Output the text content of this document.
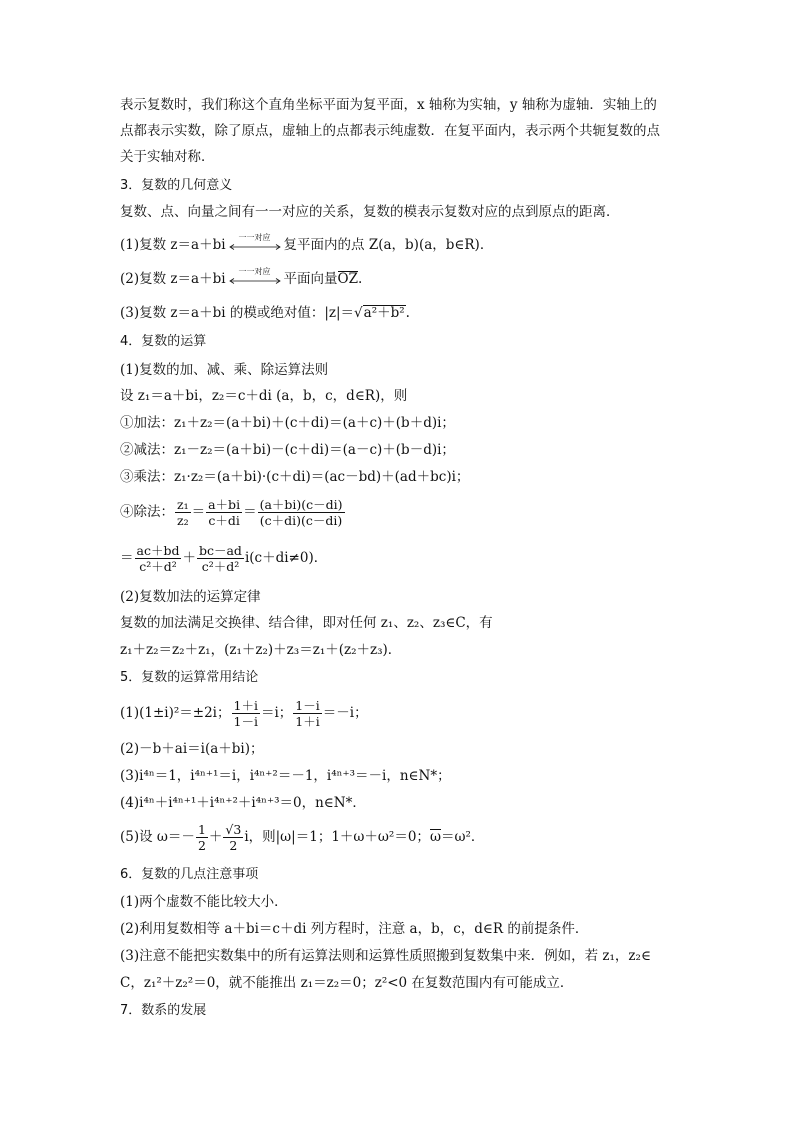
表示复数时，我们称这个直角坐标平面为复平面，x 轴称为实轴，y 轴称为虚轴．实轴上的
点都表示实数，除了原点，虚轴上的点都表示纯虚数．在复平面内，表示两个共轭复数的点
关于实轴对称．
3．复数的几何意义
复数、点、向量之间有一一对应的关系，复数的模表示复数对应的点到原点的距离．
(1)复数 z＝a＋bi	一一对应 复平面内的点 Z(a，b)(a，b∈R)．
(2)复数 z＝a＋bi	一一对应 平面向量OZ.
(3)复数 z＝a＋bi 的模或绝对值：|z|＝√a²＋b².
4．复数的运算
(1)复数的加、减、乘、除运算法则
设 z₁＝a＋bi，z₂＝c＋di (a，b，c，d∈R)，则
①加法：z₁＋z₂＝(a＋bi)＋(c＋di)＝(a＋c)＋(b＋d)i；
②减法：z₁－z₂＝(a＋bi)－(c＋di)＝(a－c)＋(b－d)i；
③乘法：z₁·z₂＝(a＋bi)·(c＋di)＝(ac－bd)＋(ad＋bc)i；
④除法： $\frac{\text{z₁}}{\text{z₂}} = \frac{a+bi}{c+di} = \frac{(a+bi)(c-di)}{(c+di)(c-di)}$
＝ $\frac{ac+bd}{\text{c²＋d²}} + \frac{bc-ad}{\text{c²＋d²}} i(c+di\ne 0)$．
(2)复数加法的运算定律
复数的加法满足交换律、结合律，即对任何 z₁、z₂、z₃∈C，有
z₁＋z₂＝z₂＋z₁，(z₁＋z₂)＋z₃＝z₁＋(z₂＋z₃)．
5．复数的运算常用结论
(1)(1±i)²＝±2i； $\frac{1+i}{1-i} =i$； $\frac{1-i}{1+i} =-i$；
(2)－b＋ai＝i(a＋bi)；
(3)i⁴ⁿ＝1，i⁴ⁿ⁺¹＝i，i⁴ⁿ⁺²＝－1，i⁴ⁿ⁺³＝－i，n∈N*；
(4)i⁴ⁿ＋i⁴ⁿ⁺¹＋i⁴ⁿ⁺²＋i⁴ⁿ⁺³＝0，n∈N*．
(5)设 $\omega=- \frac{1}{2} + \frac{√3}{2}$ i，则|ω|＝1；1＋ω＋ω²＝0；ω＝ω²．
6．复数的几点注意事项
(1)两个虚数不能比较大小．
(2)利用复数相等 a＋bi＝c＋di 列方程时，注意 a，b，c，d∈R 的前提条件．
(3)注意不能把实数集中的所有运算法则和运算性质照搬到复数集中来．例如，若 z₁，z₂∈
C，z₁²＋z₂²＝0，就不能推出 z₁＝z₂＝0；z²<0 在复数范围内有可能成立．
7．数系的发展
